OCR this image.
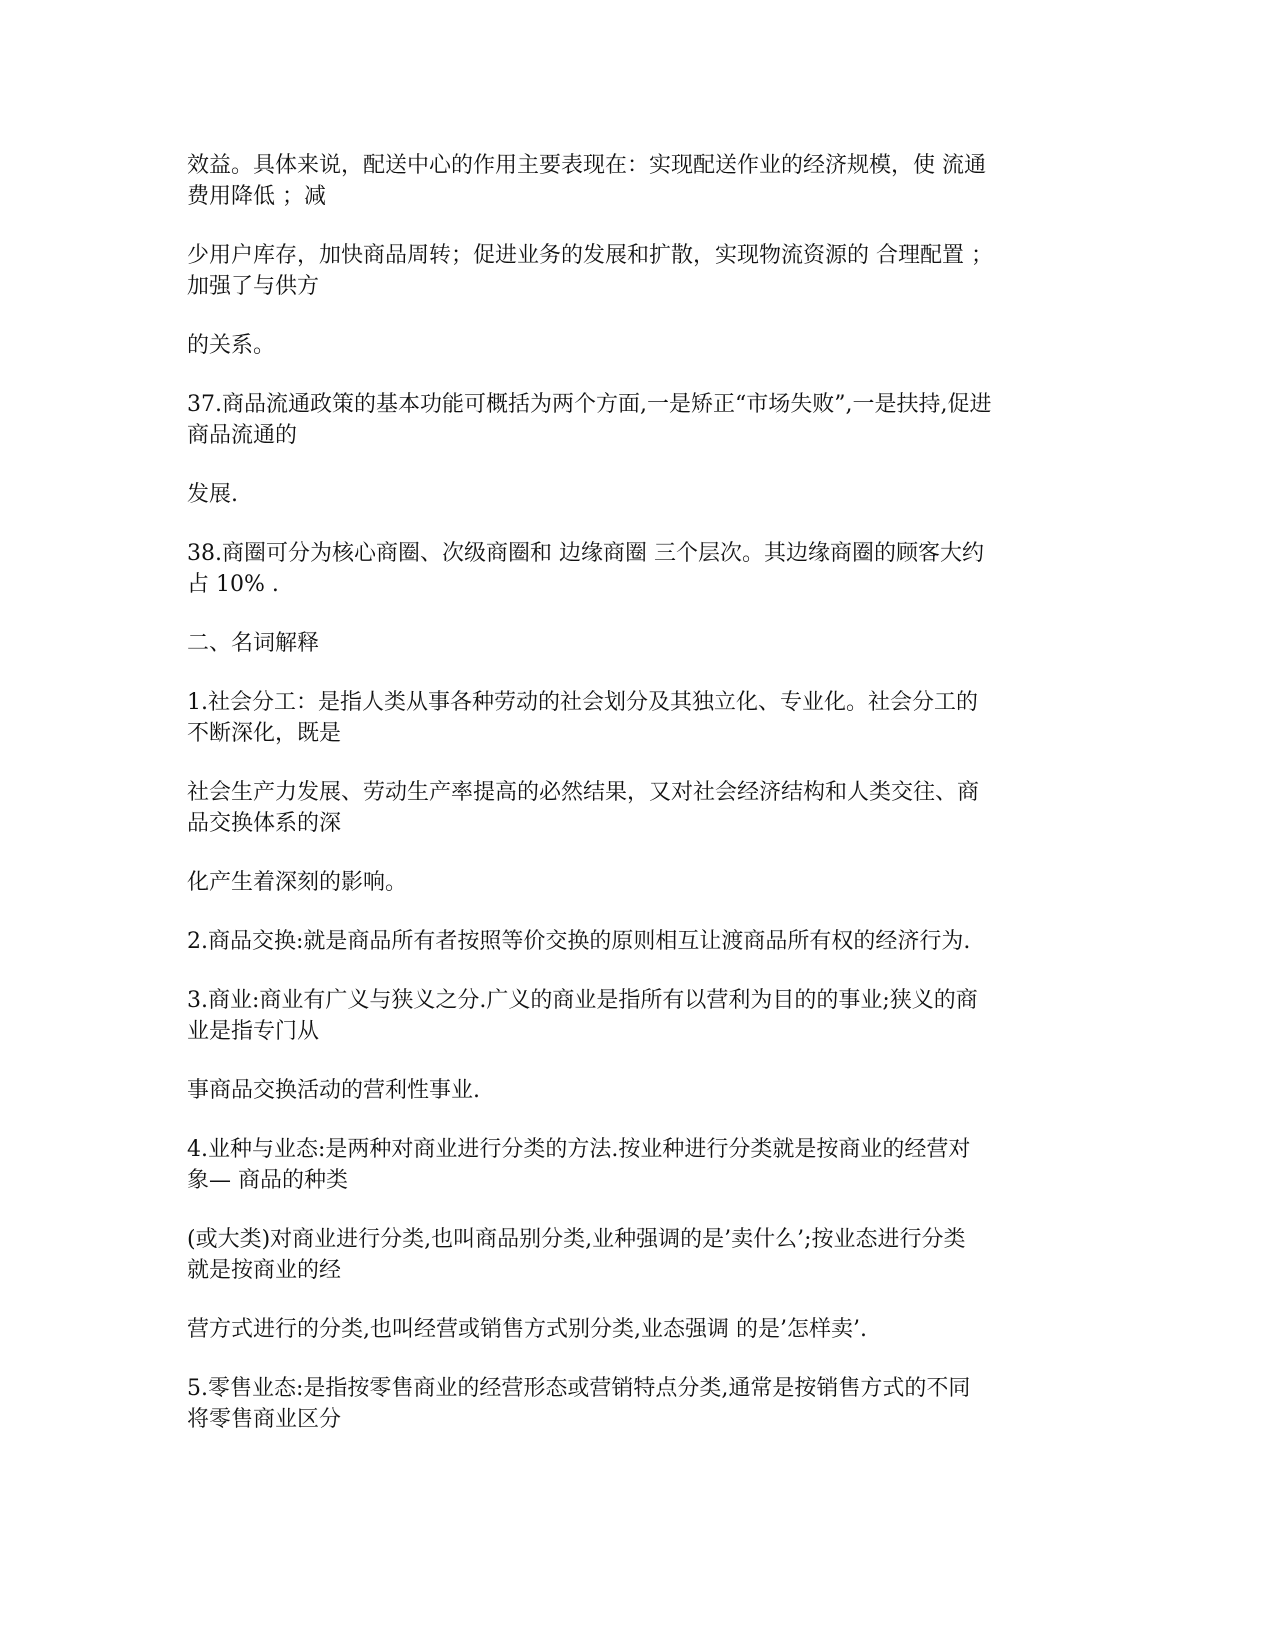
效益。具体来说，配送中心的作用主要表现在：实现配送作业的经济规模，使 流通
费用降低 ；减

少用户库存，加快商品周转；促进业务的发展和扩散，实现物流资源的 合理配置 ；
加强了与供方

的关系。

37.商品流通政策的基本功能可概括为两个方面,一是矫正“市场失败”,一是扶持,促进
商品流通的

发展.

38.商圈可分为核心商圈、次级商圈和 边缘商圈 三个层次。其边缘商圈的顾客大约
占 10% .

二、名词解释

1.社会分工：是指人类从事各种劳动的社会划分及其独立化、专业化。社会分工的
不断深化，既是

社会生产力发展、劳动生产率提高的必然结果，又对社会经济结构和人类交往、商
品交换体系的深

化产生着深刻的影响。

2.商品交换:就是商品所有者按照等价交换的原则相互让渡商品所有权的经济行为.

3.商业:商业有广义与狭义之分.广义的商业是指所有以营利为目的的事业;狭义的商
业是指专门从

事商品交换活动的营利性事业.

4.业种与业态:是两种对商业进行分类的方法.按业种进行分类就是按商业的经营对
象— 商品的种类

(或大类)对商业进行分类,也叫商品别分类,业种强调的是’卖什么’;按业态进行分类
就是按商业的经

营方式进行的分类,也叫经营或销售方式别分类,业态强调 的是’怎样卖’.

5.零售业态:是指按零售商业的经营形态或营销特点分类,通常是按销售方式的不同
将零售商业区分
